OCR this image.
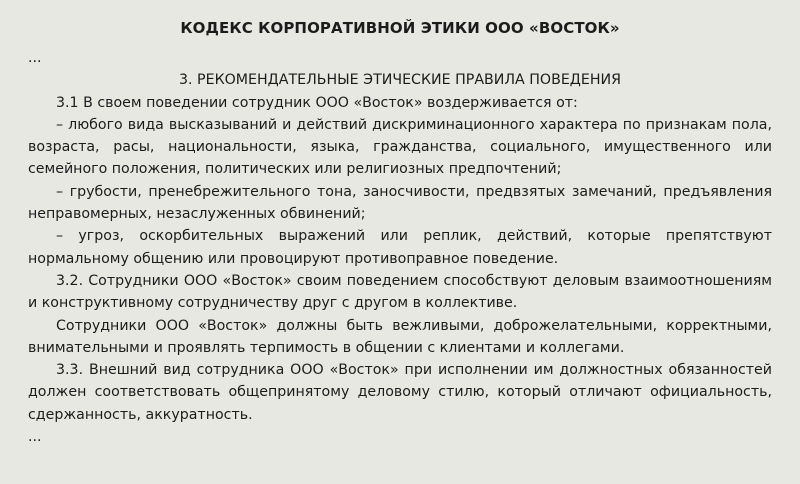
КОДЕКС КОРПОРАТИВНОЙ ЭТИКИ ООО «ВОСТОК»

...

3. РЕКОМЕНДАТЕЛЬНЫЕ ЭТИЧЕСКИЕ ПРАВИЛА ПОВЕДЕНИЯ

3.1 В своем поведении сотрудник ООО «Восток» воздерживается от:

– любого вида высказываний и действий дискриминационного характера по признакам пола, возраста, расы, национальности, языка, гражданства, социального, имущественного или семейного положения, политических или религиозных предпочтений;

– грубости, пренебрежительного тона, заносчивости, предвзятых замечаний, предъявления неправомерных, незаслуженных обвинений;

– угроз, оскорбительных выражений или реплик, действий, которые препятствуют нормальному общению или провоцируют противоправное поведение.

3.2. Сотрудники ООО «Восток» своим поведением способствуют деловым взаимоотношениям и конструктивному сотрудничеству друг с другом в коллективе.

Сотрудники ООО «Восток» должны быть вежливыми, доброжелательными, корректными, внимательными и проявлять терпимость в общении с клиентами и коллегами.

3.3. Внешний вид сотрудника ООО «Восток» при исполнении им должностных обязанностей должен соответствовать общепринятому деловому стилю, который отличают официальность, сдержанность, аккуратность.

...
